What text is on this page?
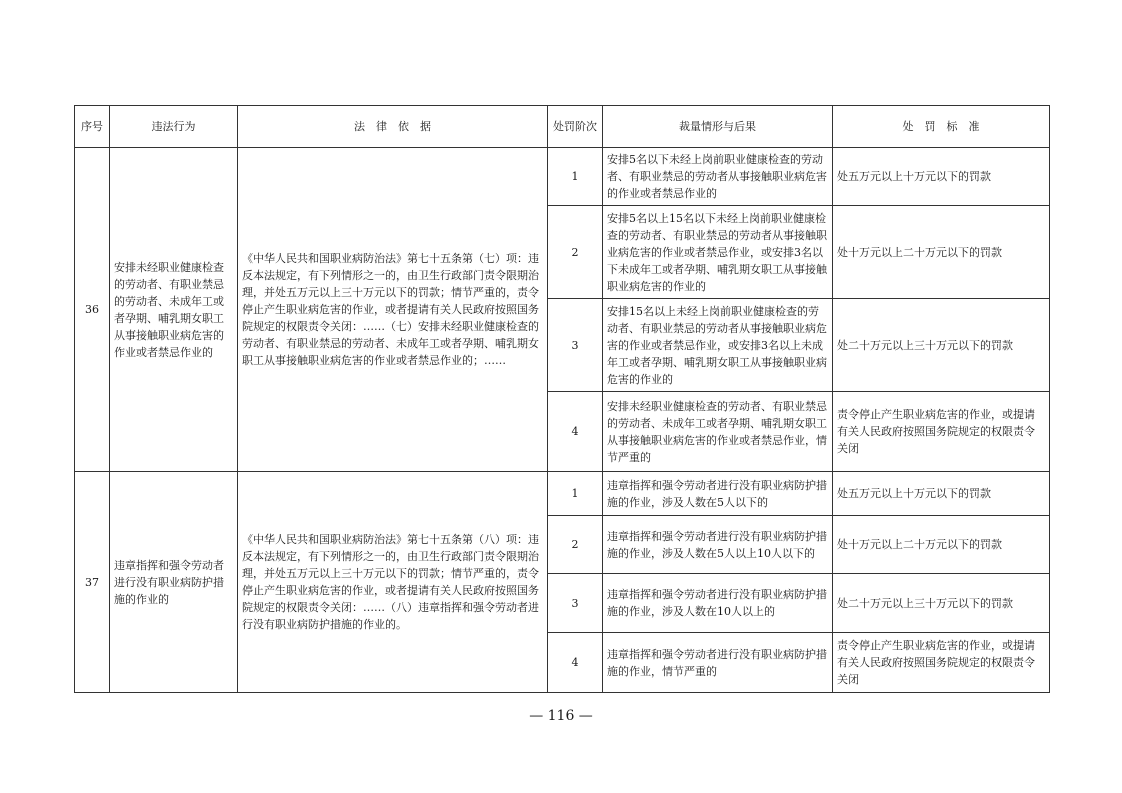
序号	违法行为	法　律　依　据	处罚阶次	裁量情形与后果	处　罚　标　准
36	安排未经职业健康检查的劳动者、有职业禁忌的劳动者、未成年工或者孕期、哺乳期女职工从事接触职业病危害的作业或者禁忌作业的	《中华人民共和国职业病防治法》第七十五条第（七）项：违反本法规定，有下列情形之一的，由卫生行政部门责令限期治理，并处五万元以上三十万元以下的罚款；情节严重的，责令停止产生职业病危害的作业，或者提请有关人民政府按照国务院规定的权限责令关闭：……（七）安排未经职业健康检查的劳动者、有职业禁忌的劳动者、未成年工或者孕期、哺乳期女职工从事接触职业病危害的作业或者禁忌作业的；……	1	安排5名以下未经上岗前职业健康检查的劳动者、有职业禁忌的劳动者从事接触职业病危害的作业或者禁忌作业的	处五万元以上十万元以下的罚款
			2	安排5名以上15名以下未经上岗前职业健康检查的劳动者、有职业禁忌的劳动者从事接触职业病危害的作业或者禁忌作业，或安排3名以下未成年工或者孕期、哺乳期女职工从事接触职业病危害的作业的	处十万元以上二十万元以下的罚款
			3	安排15名以上未经上岗前职业健康检查的劳动者、有职业禁忌的劳动者从事接触职业病危害的作业或者禁忌作业，或安排3名以上未成年工或者孕期、哺乳期女职工从事接触职业病危害的作业的	处二十万元以上三十万元以下的罚款
			4	安排未经职业健康检查的劳动者、有职业禁忌的劳动者、未成年工或者孕期、哺乳期女职工从事接触职业病危害的作业或者禁忌作业，情节严重的	责令停止产生职业病危害的作业，或提请有关人民政府按照国务院规定的权限责令关闭
37	违章指挥和强令劳动者进行没有职业病防护措施的作业的	《中华人民共和国职业病防治法》第七十五条第（八）项：违反本法规定，有下列情形之一的，由卫生行政部门责令限期治理，并处五万元以上三十万元以下的罚款；情节严重的，责令停止产生职业病危害的作业，或者提请有关人民政府按照国务院规定的权限责令关闭：……（八）违章指挥和强令劳动者进行没有职业病防护措施的作业的。	1	违章指挥和强令劳动者进行没有职业病防护措施的作业，涉及人数在5人以下的	处五万元以上十万元以下的罚款
			2	违章指挥和强令劳动者进行没有职业病防护措施的作业，涉及人数在5人以上10人以下的	处十万元以上二十万元以下的罚款
			3	违章指挥和强令劳动者进行没有职业病防护措施的作业，涉及人数在10人以上的	处二十万元以上三十万元以下的罚款
			4	违章指挥和强令劳动者进行没有职业病防护措施的作业，情节严重的	责令停止产生职业病危害的作业，或提请有关人民政府按照国务院规定的权限责令关闭
— 116 —
